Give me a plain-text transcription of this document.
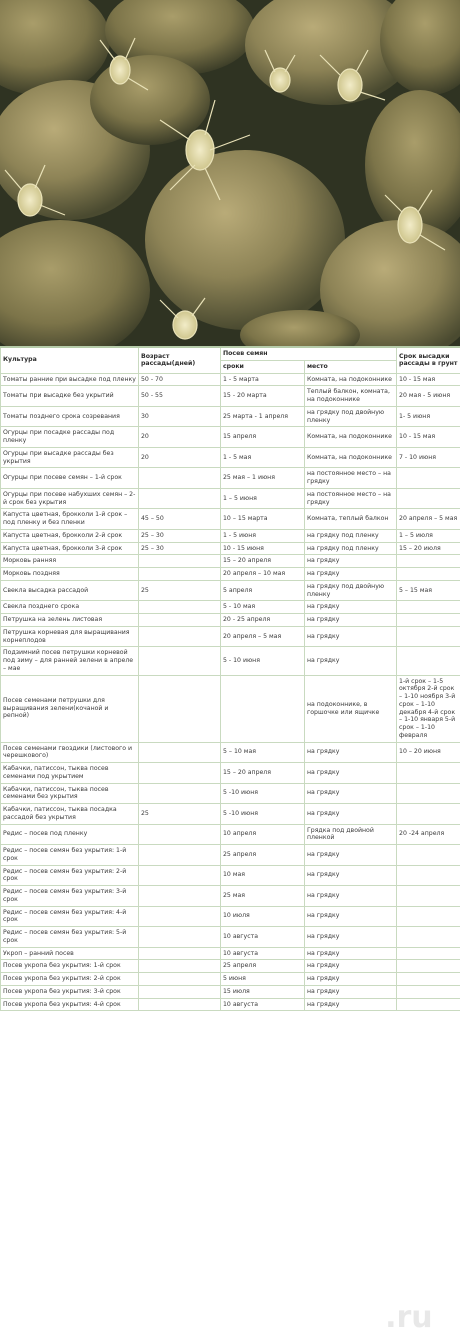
Культура	Возраст рассады(дней)	Посев семян		Срок высадки рассады в грунт
		сроки	место	
Томаты ранние при высадке под пленку	50 - 70	1 - 5 марта	Комната, на подоконнике	10 - 15 мая
Томаты при высадке без укрытий	50 - 55	15 - 20 марта	Теплый балкон, комната, на подоконнике	20 мая - 5 июня
Томаты позднего срока созревания	30	25 марта - 1 апреля	на грядку под двойную пленку	1- 5 июня
Огурцы при посадке рассады под пленку	20	15 апреля	Комната, на подоконнике	10 - 15 мая
Огурцы при высадке рассады без укрытия	20	1 - 5 мая	Комната, на подоконнике	7 - 10 июня
Огурцы при посеве семян – 1-й срок		25 мая – 1 июня	на постоянное место – на грядку	
Огурцы при посеве набухших семян – 2-й срок без укрытия		1 – 5 июня	на постоянное место – на грядку	
Капуста цветная, брокколи 1-й срок – под пленку и без пленки	45 – 50	10 – 15 марта	Комната, теплый балкон	20 апреля – 5 мая
Капуста цветная, брокколи 2-й срок	25 – 30	1 - 5 июня	на грядку под пленку	1 – 5 июля
Капуста цветная, брокколи 3-й срок	25 – 30	10 - 15 июня	на грядку под пленку	15 – 20 июля
Морковь ранняя		15 – 20 апреля	на грядку	
Морковь поздняя		20 апреля – 10 мая	на грядку	
Свекла высадка рассадой	25	5 апреля	на грядку под двойную пленку	5 – 15 мая
Свекла позднего срока		5 - 10 мая	на грядку	
Петрушка на зелень листовая		20 - 25 апреля	на грядку	
Петрушка корневая для выращивания корнеплодов		20 апреля – 5 мая	на грядку	
Подзимний посев петрушки корневой под зиму – для ранней зелени в апреле – мае		5 - 10 июня	на грядку	
Посев семенами петрушки для выращивания зелени(кочаной и репной)			на подоконнике, в горшочке или ящичке	1-й срок – 1-5 октября 2-й срок – 1-10 ноября 3-й срок – 1-10 декабря 4-й срок – 1-10 января 5-й срок – 1-10 февраля
Посев семенами гвоздики (листового и черешкового)		5 – 10 мая	на грядку	10 – 20 июня
Кабачки, патиссон, тыква посев семенами под укрытием		15 – 20 апреля	на грядку	
Кабачки, патиссон, тыква посев семенами без укрытия		5 -10 июня	на грядку	
Кабачки, патиссон, тыква посадка рассадой без укрытия	25	5 -10 июня	на грядку	
Редис – посев под пленку		10 апреля	Грядка под двойной пленкой	20 -24 апреля
Редис – посев семян без укрытия: 1-й срок		25 апреля	на грядку	
Редис – посев семян без укрытия: 2-й срок		10 мая	на грядку	
Редис – посев семян без укрытия: 3-й срок		25 мая	на грядку	
Редис – посев семян без укрытия: 4-й срок		10 июля	на грядку	
Редис – посев семян без укрытия: 5-й срок		10 августа	на грядку	
Укроп – ранний посев		10 августа	на грядку	
Посев укропа без укрытия: 1-й срок		25 апреля	на грядку	
Посев укропа без укрытия: 2-й срок		5 июня	на грядку	
Посев укропа без укрытия: 3-й срок		15 июля	на грядку	
Посев укропа без укрытия: 4-й срок		10 августа	на грядку	
postila.ru
